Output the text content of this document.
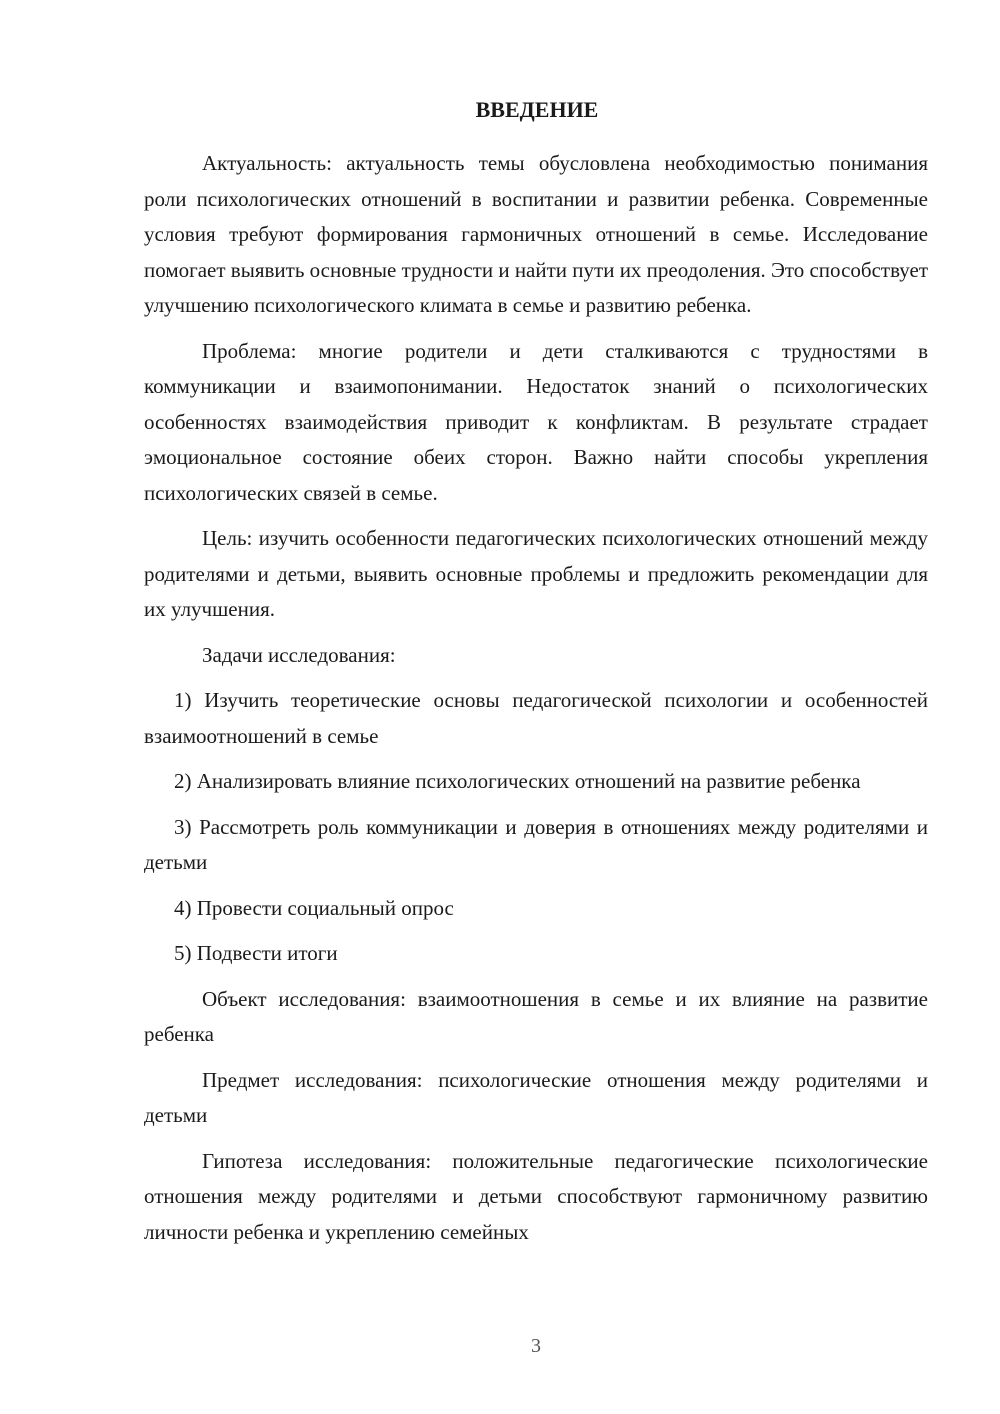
ВВЕДЕНИЕ

Актуальность: актуальность темы обусловлена необходимостью понимания роли психологических отношений в воспитании и развитии ребенка. Современные условия требуют формирования гармоничных отношений в семье. Исследование помогает выявить основные трудности и найти пути их преодоления. Это способствует улучшению психологического климата в семье и развитию ребенка.

Проблема: многие родители и дети сталкиваются с трудностями в коммуникации и взаимопонимании. Недостаток знаний о психологических особенностях взаимодействия приводит к конфликтам. В результате страдает эмоциональное состояние обеих сторон. Важно найти способы укрепления психологических связей в семье.

Цель: изучить особенности педагогических психологических отношений между родителями и детьми, выявить основные проблемы и предложить рекомендации для их улучшения.

Задачи исследования:

1) Изучить теоретические основы педагогической психологии и особенностей взаимоотношений в семье

2) Анализировать влияние психологических отношений на развитие ребенка

3) Рассмотреть роль коммуникации и доверия в отношениях между родителями и детьми

4) Провести социальный опрос

5) Подвести итоги

Объект исследования: взаимоотношения в семье и их влияние на развитие ребенка

Предмет исследования: психологические отношения между родителями и детьми

Гипотеза исследования: положительные педагогические психологические отношения между родителями и детьми способствуют гармоничному развитию личности ребенка и укреплению семейных

3
